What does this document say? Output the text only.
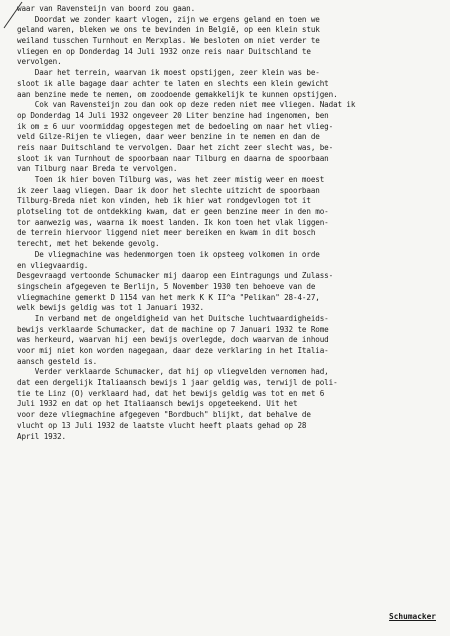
waar van Ravensteijn van boord zou gaan.
Doordat we zonder kaart vlogen, zijn we ergens geland en toen we
geland waren, bleken we ons te bevinden in België, op een klein stuk
weiland tusschen Turnhout en Merxplas. We besloten om niet verder te
vliegen en op Donderdag 14 Juli 1932 onze reis naar Duitschland te
vervolgen.
Daar het terrein, waarvan ik moest opstijgen, zeer klein was be-
sloot ik alle bagage daar achter te laten en slechts een klein gewicht
aan benzine mede te nemen, om zoodoende gemakkelijk te kunnen opstijgen.
Cok van Ravensteijn zou dan ook op deze reden niet mee vliegen. Nadat ik
op Donderdag 14 Juli 1932 ongeveer 20 Liter benzine had ingenomen, ben
ik om ± 6 uur voormiddag opgestegen met de bedoeling om naar het vlieg-
veld Gilze-Rijen te vliegen, daar weer benzine in te nemen en dan de
reis naar Duitschland te vervolgen. Daar het zicht zeer slecht was, be-
sloot ik van Turnhout de spoorbaan naar Tilburg en daarna de spoorbaan
van Tilburg naar Breda te vervolgen.
Toen ik hier boven Tilburg was, was het zeer mistig weer en moest
ik zeer laag vliegen. Daar ik door het slechte uitzicht de spoorbaan
Tilburg-Breda niet kon vinden, heb ik hier wat rondgevlogen tot it
plotseling tot de ontdekking kwam, dat er geen benzine meer in den mo-
tor aanwezig was, waarna ik moest landen. Ik kon toen het vlak liggen-
de terrein hiervoor liggend niet meer bereiken en kwam in dit bosch
terecht, met het bekende gevolg.
De vliegmachine was hedenmorgen toen ik opsteeg volkomen in orde
en vliegvaardig.
Desgevraagd vertoonde Schumacker mij daarop een Eintragungs und Zulass-
singschein afgegeven te Berlijn, 5 November 1930 ten behoeve van de
vliegmachine gemerkt D 1154 van het merk K K II^a "Pelikan" 28-4-27,
welk bewijs geldig was tot 1 Januari 1932.
In verband met de ongeldigheid van het Duitsche luchtwaardigheids-
bewijs verklaarde Schumacker, dat de machine op 7 Januari 1932 te Rome
was herkeurd, waarvan hij een bewijs overlegde, doch waarvan de inhoud
voor mij niet kon worden nagegaan, daar deze verklaring in het Italia-
aansch gesteld is.
Verder verklaarde Schumacker, dat hij op vliegvelden vernomen had,
dat een dergelijk Italiaansch bewijs 1 jaar geldig was, terwijl de poli-
tie te Linz (O) verklaard had, dat het bewijs geldig was tot en met 6
Juli 1932 en dat op het Italiaansch bewijs opgeteekend. Uit het
voor deze vliegmachine afgegeven "Bordbuch" blijkt, dat behalve de
vlucht op 13 Juli 1932 de laatste vlucht heeft plaats gehad op 28
April 1932.
Schumacker
